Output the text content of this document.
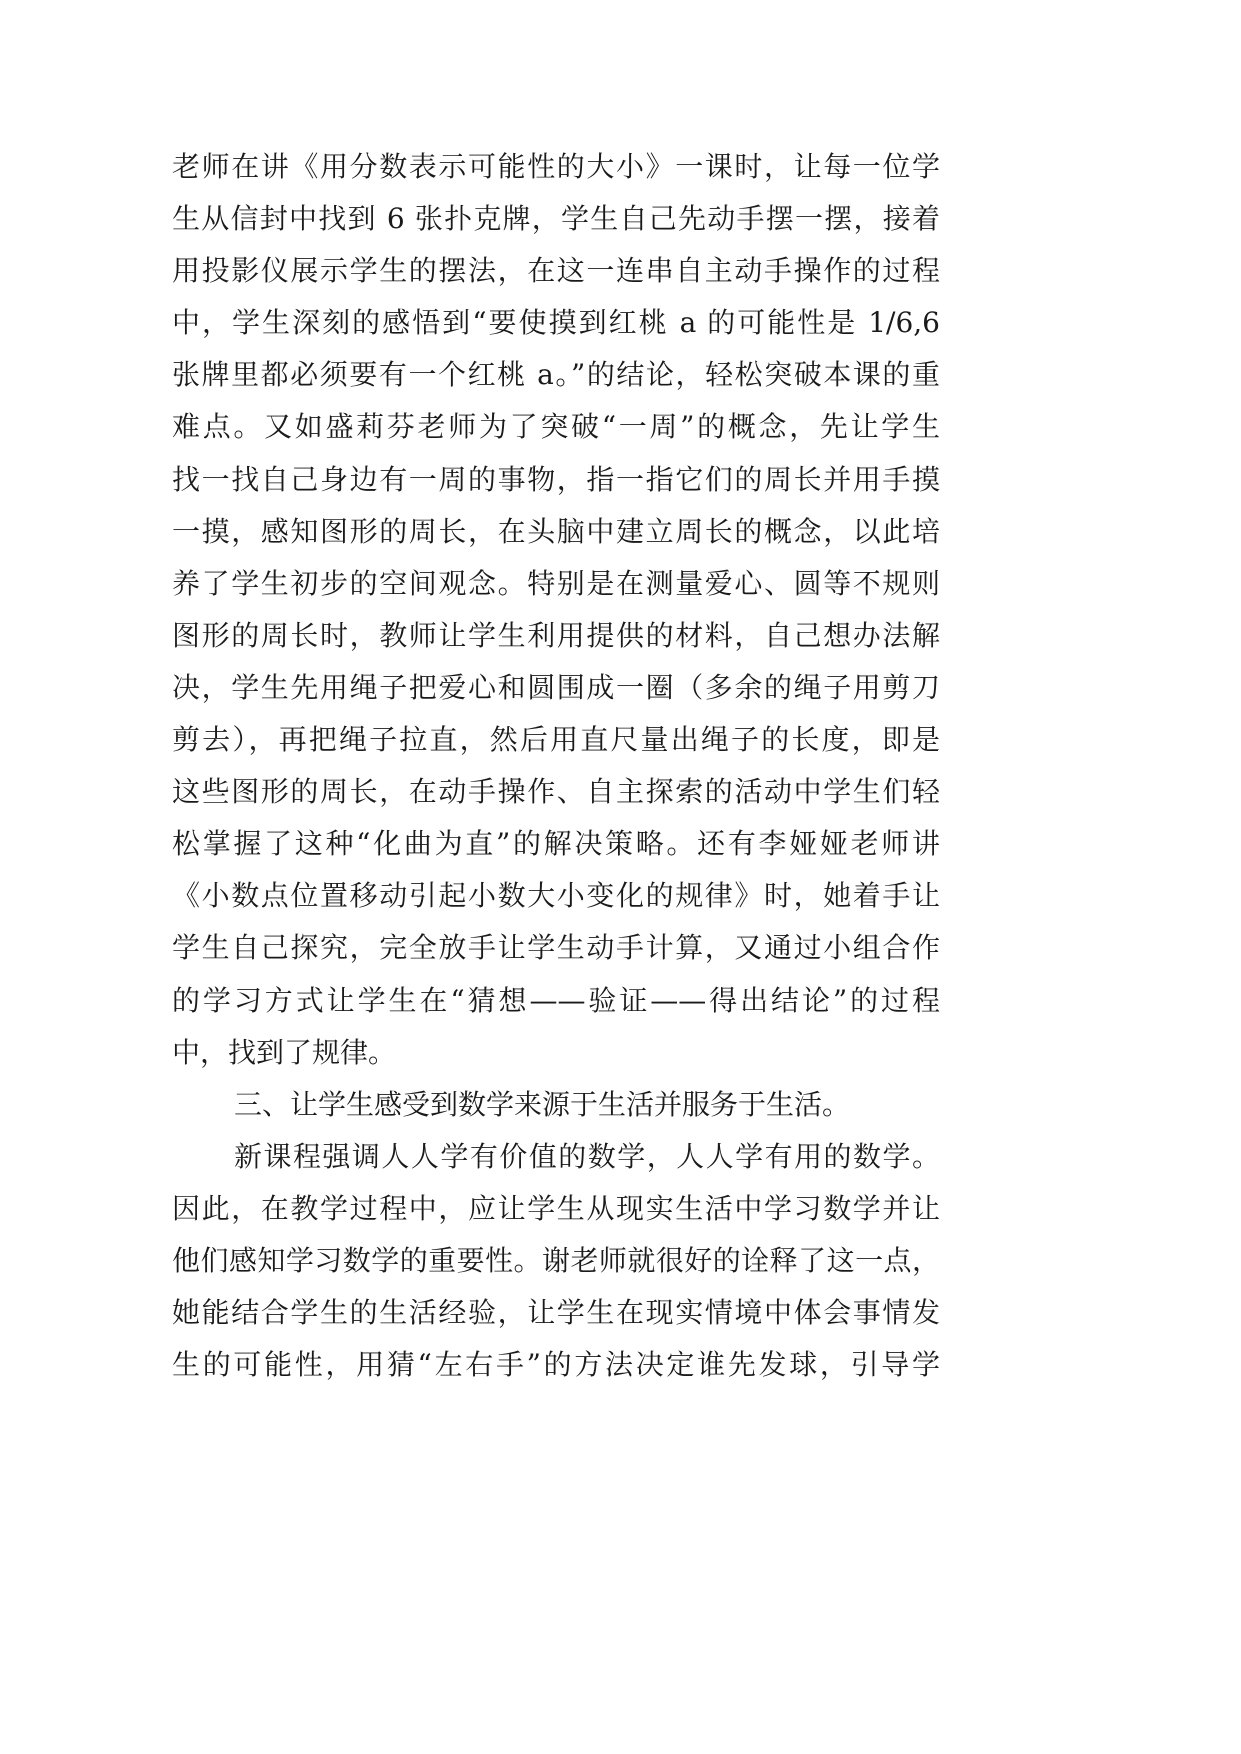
老师在讲《用分数表示可能性的大小》一课时，让每一位学
生从信封中找到 6 张扑克牌，学生自己先动手摆一摆，接着
用投影仪展示学生的摆法，在这一连串自主动手操作的过程
中，学生深刻的感悟到“要使摸到红桃 a 的可能性是 1/6,6
张牌里都必须要有一个红桃 a。”的结论，轻松突破本课的重
难点。又如盛莉芬老师为了突破“一周”的概念，先让学生
找一找自己身边有一周的事物，指一指它们的周长并用手摸
一摸，感知图形的周长，在头脑中建立周长的概念，以此培
养了学生初步的空间观念。特别是在测量爱心、圆等不规则
图形的周长时，教师让学生利用提供的材料，自己想办法解
决，学生先用绳子把爱心和圆围成一圈（多余的绳子用剪刀
剪去），再把绳子拉直，然后用直尺量出绳子的长度，即是
这些图形的周长，在动手操作、自主探索的活动中学生们轻
松掌握了这种“化曲为直”的解决策略。还有李娅娅老师讲
《小数点位置移动引起小数大小变化的规律》时，她着手让
学生自己探究，完全放手让学生动手计算，又通过小组合作
的学习方式让学生在“猜想——验证——得出结论”的过程
中，找到了规律。
三、让学生感受到数学来源于生活并服务于生活。
新课程强调人人学有价值的数学，人人学有用的数学。
因此，在教学过程中，应让学生从现实生活中学习数学并让
他们感知学习数学的重要性。谢老师就很好的诠释了这一点，
她能结合学生的生活经验，让学生在现实情境中体会事情发
生的可能性，用猜“左右手”的方法决定谁先发球，引导学
